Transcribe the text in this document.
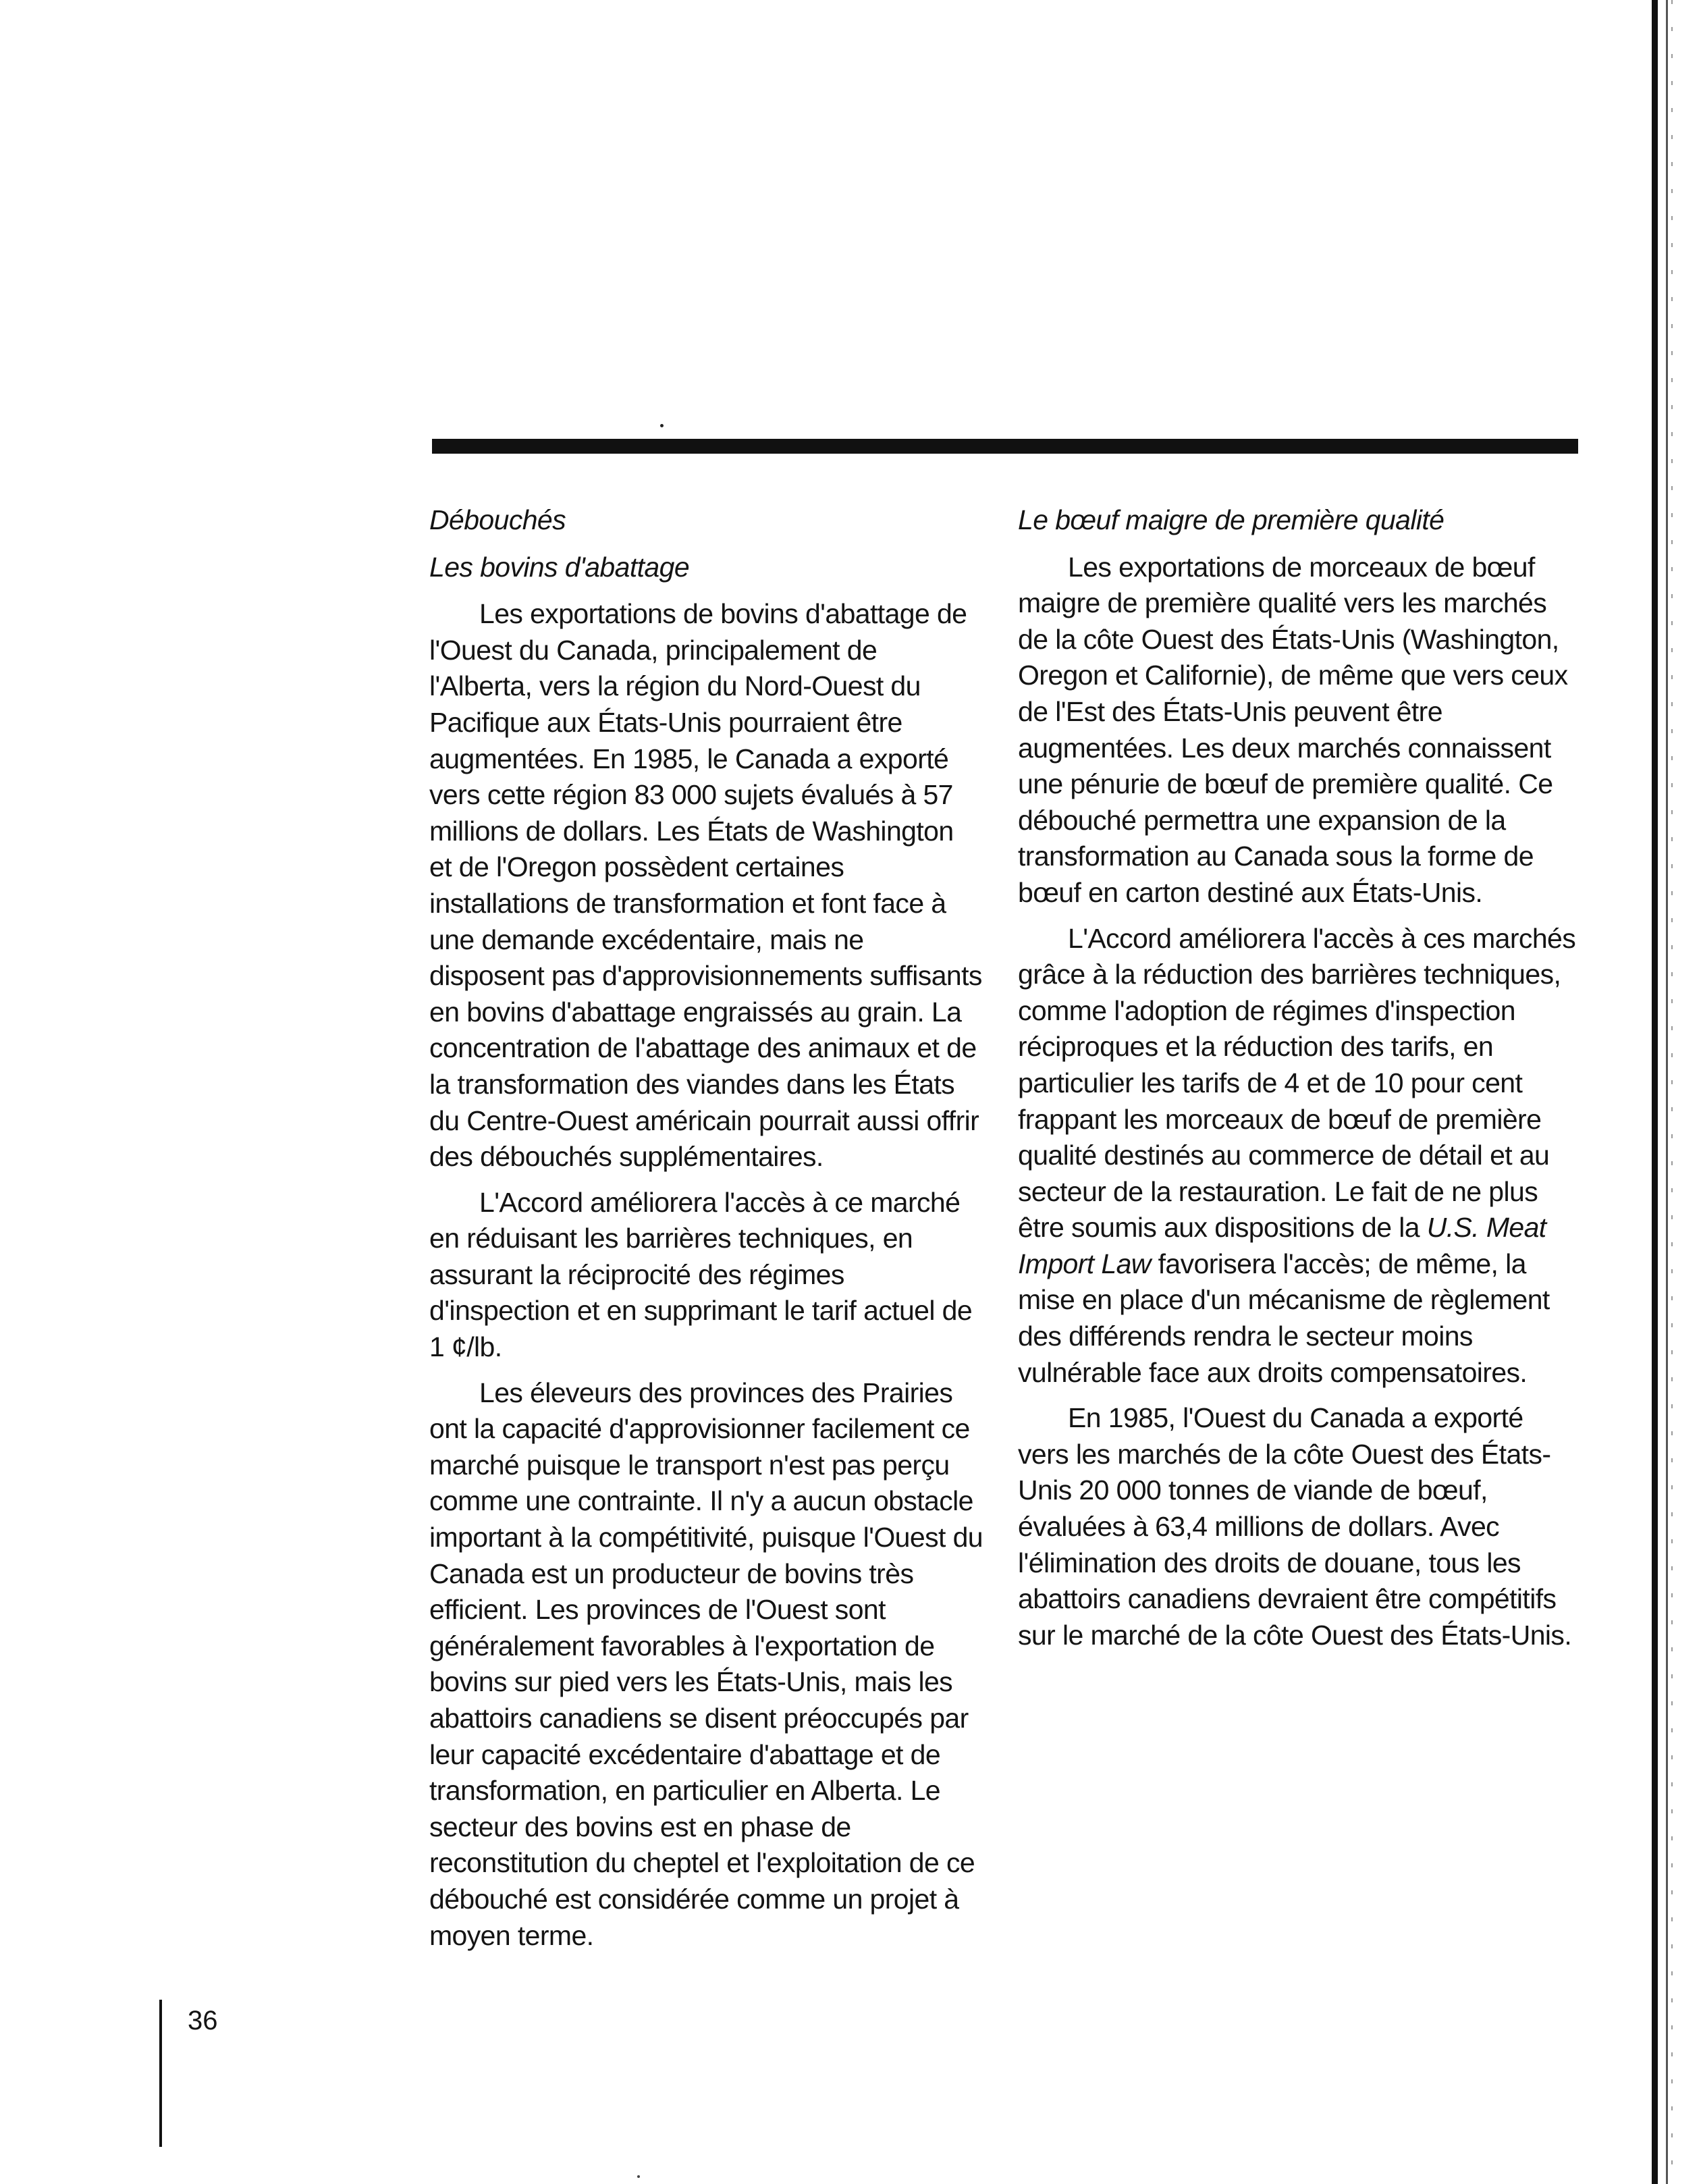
Débouchés
Les bovins d'abattage

Les exportations de bovins d'abattage de l'Ouest du Canada, principalement de l'Alberta, vers la région du Nord-Ouest du Pacifique aux États-Unis pourraient être augmentées. En 1985, le Canada a exporté vers cette région 83 000 sujets évalués à 57 millions de dollars. Les États de Washington et de l'Oregon possèdent certaines installations de transformation et font face à une demande excédentaire, mais ne disposent pas d'approvisionnements suffisants en bovins d'abattage engraissés au grain. La concentration de l'abattage des animaux et de la transformation des viandes dans les États du Centre-Ouest américain pourrait aussi offrir des débouchés supplémentaires.

L'Accord améliorera l'accès à ce marché en réduisant les barrières techniques, en assurant la réciprocité des régimes d'inspection et en supprimant le tarif actuel de 1 ¢/lb.

Les éleveurs des provinces des Prairies ont la capacité d'approvisionner facilement ce marché puisque le transport n'est pas perçu comme une contrainte. Il n'y a aucun obstacle important à la compétitivité, puisque l'Ouest du Canada est un producteur de bovins très efficient. Les provinces de l'Ouest sont généralement favorables à l'exportation de bovins sur pied vers les États-Unis, mais les abattoirs canadiens se disent préoccupés par leur capacité excédentaire d'abattage et de transformation, en particulier en Alberta. Le secteur des bovins est en phase de reconstitution du cheptel et l'exploitation de ce débouché est considérée comme un projet à moyen terme.

Le bœuf maigre de première qualité

Les exportations de morceaux de bœuf maigre de première qualité vers les marchés de la côte Ouest des États-Unis (Washington, Oregon et Californie), de même que vers ceux de l'Est des États-Unis peuvent être augmentées. Les deux marchés connaissent une pénurie de bœuf de première qualité. Ce débouché permettra une expansion de la transformation au Canada sous la forme de bœuf en carton destiné aux États-Unis.

L'Accord améliorera l'accès à ces marchés grâce à la réduction des barrières techniques, comme l'adoption de régimes d'inspection réciproques et la réduction des tarifs, en particulier les tarifs de 4 et de 10 pour cent frappant les morceaux de bœuf de première qualité destinés au commerce de détail et au secteur de la restauration. Le fait de ne plus être soumis aux dispositions de la U.S. Meat Import Law favorisera l'accès; de même, la mise en place d'un mécanisme de règlement des différends rendra le secteur moins vulnérable face aux droits compensatoires.

En 1985, l'Ouest du Canada a exporté vers les marchés de la côte Ouest des États-Unis 20 000 tonnes de viande de bœuf, évaluées à 63,4 millions de dollars. Avec l'élimination des droits de douane, tous les abattoirs canadiens devraient être compétitifs sur le marché de la côte Ouest des États-Unis.

36
